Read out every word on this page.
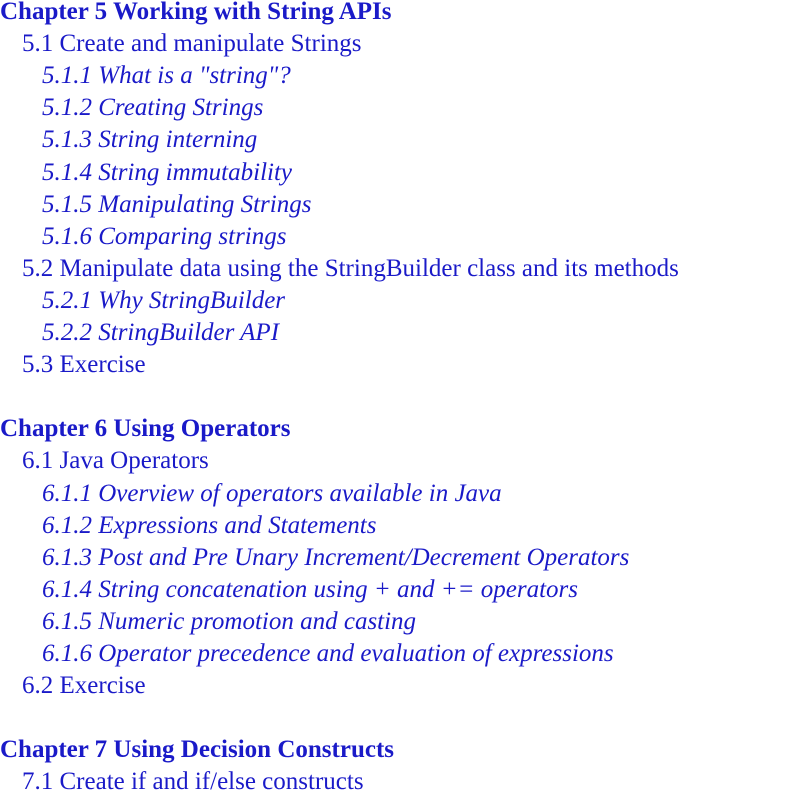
Chapter 5 Working with String APIs
5.1 Create and manipulate Strings
5.1.1 What is a "string"?
5.1.2 Creating Strings
5.1.3 String interning
5.1.4 String immutability
5.1.5 Manipulating Strings
5.1.6 Comparing strings
5.2 Manipulate data using the StringBuilder class and its methods
5.2.1 Why StringBuilder
5.2.2 StringBuilder API
5.3 Exercise
Chapter 6 Using Operators
6.1 Java Operators
6.1.1 Overview of operators available in Java
6.1.2 Expressions and Statements
6.1.3 Post and Pre Unary Increment/Decrement Operators
6.1.4 String concatenation using + and += operators
6.1.5 Numeric promotion and casting
6.1.6 Operator precedence and evaluation of expressions
6.2 Exercise
Chapter 7 Using Decision Constructs
7.1 Create if and if/else constructs
